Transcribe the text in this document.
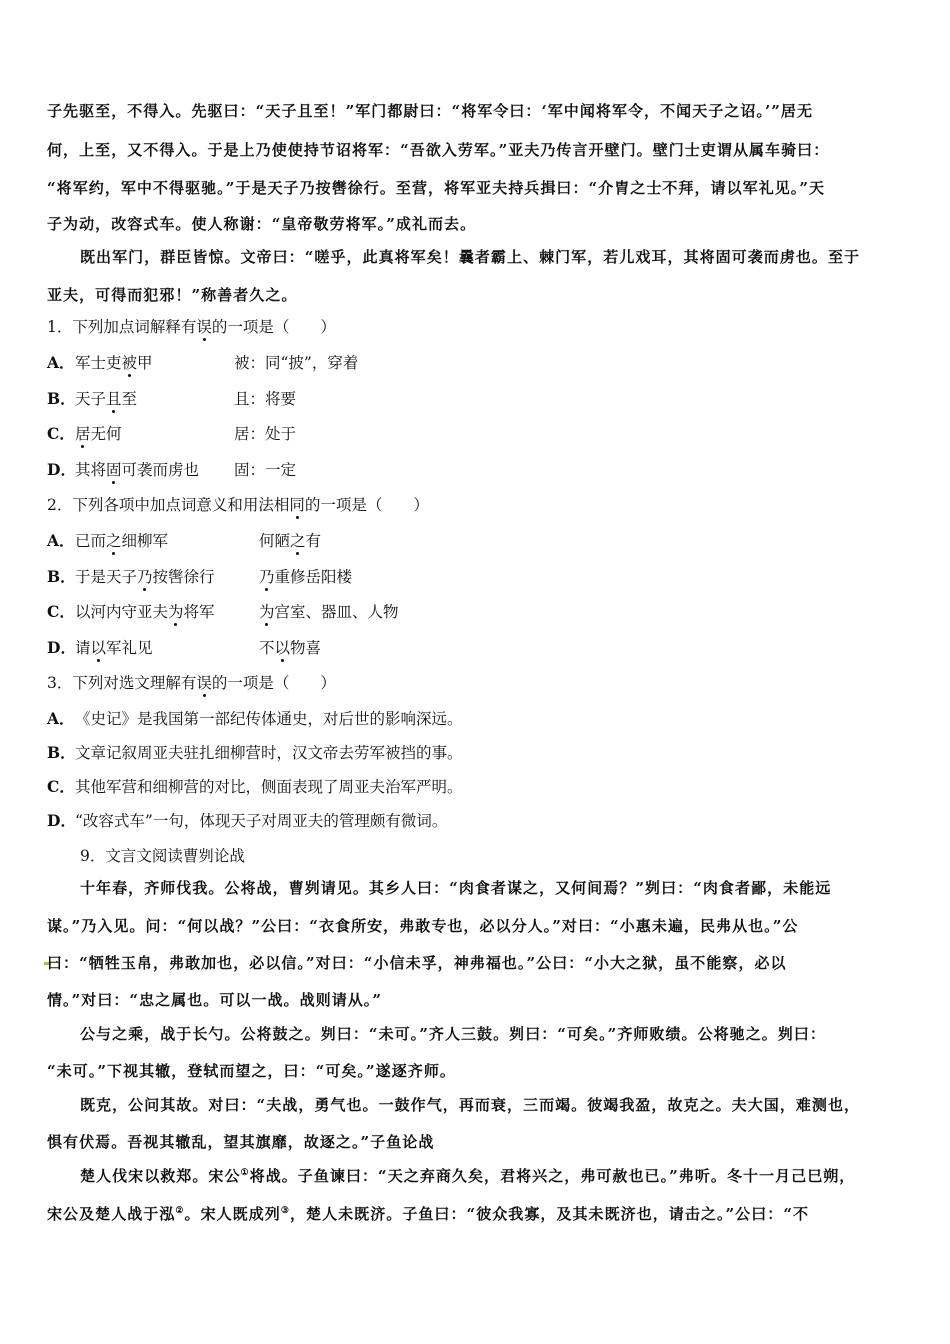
子先驱至，不得入。先驱曰：“天子且至！”军门都尉曰：“将军令曰：‘军中闻将军令，不闻天子之诏。’”居无
何，上至，又不得入。于是上乃使使持节诏将军：“吾欲入劳军。”亚夫乃传言开壁门。壁门士吏谓从属车骑曰：
“将军约，军中不得驱驰。”于是天子乃按辔徐行。至营，将军亚夫持兵揖曰：“介胄之士不拜，请以军礼见。”天
子为动，改容式车。使人称谢：“皇帝敬劳将军。”成礼而去。
既出军门，群臣皆惊。文帝曰：“嗟乎，此真将军矣！曩者霸上、棘门军，若儿戏耳，其将固可袭而虏也。至于
亚夫，可得而犯邪！”称善者久之。
1．下列加点词解释有误的一项是（　　）
A． 军士吏被甲	被：同“披”，穿着
B． 天子且至	且：将要
C． 居无何	居：处于
D． 其将固可袭而虏也 固：一定
2．下列各项中加点词意义和用法相同的一项是（　　）
A． 已而之细柳军	何陋之有
B． 于是天子乃按辔徐行	乃重修岳阳楼
C． 以河内守亚夫为将军	为宫室、器皿、人物
D． 请以军礼见	不以物喜
3．下列对选文理解有误的一项是（　　）
A． 《史记》是我国第一部纪传体通史，对后世的影响深远。
B． 文章记叙周亚夫驻扎细柳营时，汉文帝去劳军被挡的事。
C． 其他军营和细柳营的对比，侧面表现了周亚夫治军严明。
D． “改容式车”一句，体现天子对周亚夫的管理颇有微词。
9．文言文阅读曹刿论战
十年春，齐师伐我。公将战，曹刿请见。其乡人曰：“肉食者谋之，又何间焉？”刿曰：“肉食者鄙，未能远
谋。”乃入见。问：“何以战？”公曰：“衣食所安，弗敢专也，必以分人。”对曰：“小惠未遍，民弗从也。”公
曰：“牺牲玉帛，弗敢加也，必以信。”对曰：“小信未孚，神弗福也。”公曰：“小大之狱，虽不能察，必以
情。”对曰：“忠之属也。可以一战。战则请从。”
公与之乘，战于长勺。公将鼓之。刿曰：“未可。”齐人三鼓。刿曰：“可矣。”齐师败绩。公将驰之。刿曰：
“未可。”下视其辙，登轼而望之，曰：“可矣。”遂逐齐师。
既克，公问其故。对曰：“夫战，勇气也。一鼓作气，再而衰，三而竭。彼竭我盈，故克之。夫大国，难测也，
惧有伏焉。吾视其辙乱，望其旗靡，故逐之。”子鱼论战
楚人伐宋以救郑。宋公①将战。子鱼谏曰：“天之弃商久矣，君将兴之，弗可赦也已。”弗听。冬十一月己巳朔，
宋公及楚人战于泓②。宋人既成列③，楚人未既济。子鱼曰：“彼众我寡，及其未既济也，请击之。”公曰：“不
